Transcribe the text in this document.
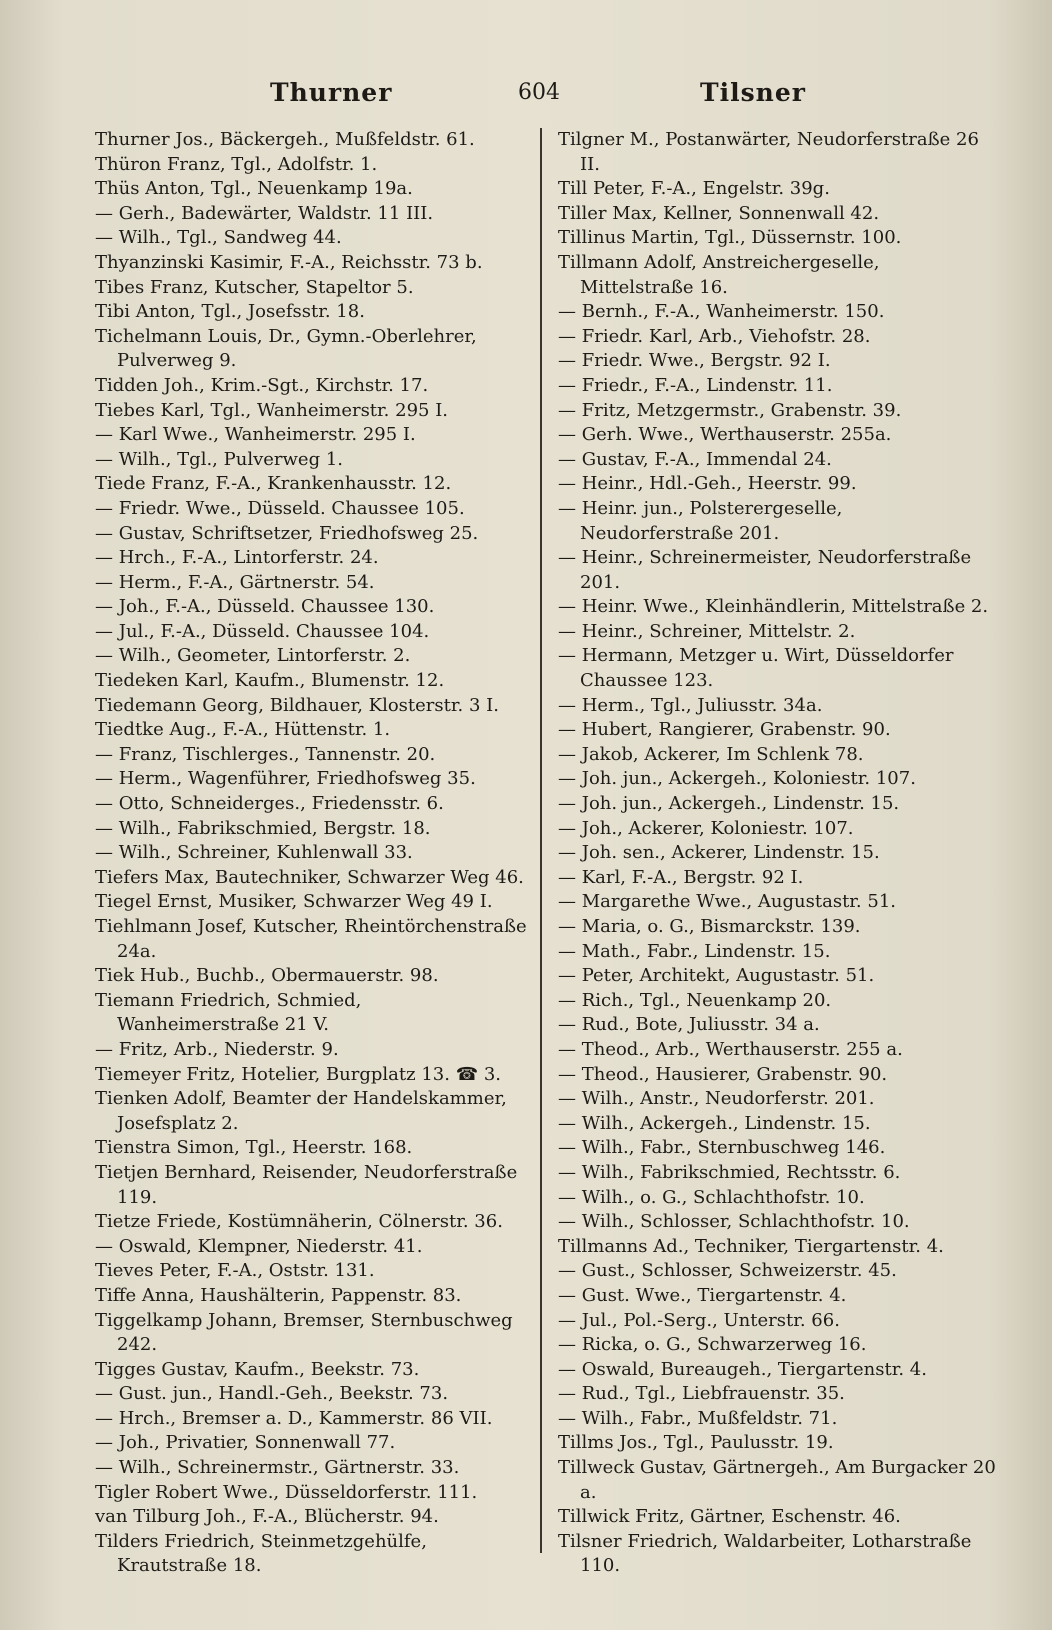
Thurner	604	Tilsner
Thurner Jos., Bäckergeh., Mußfeldstr. 61.
Thüron Franz, Tgl., Adolfstr. 1.
Thüs Anton, Tgl., Neuenkamp 19a.
— Gerh., Badewärter, Waldstr. 11 III.
— Wilh., Tgl., Sandweg 44.
Thyanzinski Kasimir, F.-A., Reichsstr. 73 b.
Tibes Franz, Kutscher, Stapeltor 5.
Tibi Anton, Tgl., Josefsstr. 18.
Tichelmann Louis, Dr., Gymn.-Oberlehrer, Pulverweg 9.
Tidden Joh., Krim.-Sgt., Kirchstr. 17.
Tiebes Karl, Tgl., Wanheimerstr. 295 I.
— Karl Wwe., Wanheimerstr. 295 I.
— Wilh., Tgl., Pulverweg 1.
Tiede Franz, F.-A., Krankenhausstr. 12.
— Friedr. Wwe., Düsseld. Chaussee 105.
— Gustav, Schriftsetzer, Friedhofsweg 25.
— Hrch., F.-A., Lintorferstr. 24.
— Herm., F.-A., Gärtnerstr. 54.
— Joh., F.-A., Düsseld. Chaussee 130.
— Jul., F.-A., Düsseld. Chaussee 104.
— Wilh., Geometer, Lintorferstr. 2.
Tiedeken Karl, Kaufm., Blumenstr. 12.
Tiedemann Georg, Bildhauer, Klosterstr. 3 I.
Tiedtke Aug., F.-A., Hüttenstr. 1.
— Franz, Tischlerges., Tannenstr. 20.
— Herm., Wagenführer, Friedhofsweg 35.
— Otto, Schneiderges., Friedensstr. 6.
— Wilh., Fabrikschmied, Bergstr. 18.
— Wilh., Schreiner, Kuhlenwall 33.
Tiefers Max, Bautechniker, Schwarzer Weg 46.
Tiegel Ernst, Musiker, Schwarzer Weg 49 I.
Tiehlmann Josef, Kutscher, Rheintörchenstraße 24a.
Tiek Hub., Buchb., Obermauerstr. 98.
Tiemann Friedrich, Schmied, Wanheimerstraße 21 V.
— Fritz, Arb., Niederstr. 9.
Tiemeyer Fritz, Hotelier, Burgplatz 13. ☎ 3.
Tienken Adolf, Beamter der Handelskammer, Josefsplatz 2.
Tienstra Simon, Tgl., Heerstr. 168.
Tietjen Bernhard, Reisender, Neudorferstraße 119.
Tietze Friede, Kostümnäherin, Cölnerstr. 36.
— Oswald, Klempner, Niederstr. 41.
Tieves Peter, F.-A., Oststr. 131.
Tiffe Anna, Haushälterin, Pappenstr. 83.
Tiggelkamp Johann, Bremser, Sternbuschweg 242.
Tigges Gustav, Kaufm., Beekstr. 73.
— Gust. jun., Handl.-Geh., Beekstr. 73.
— Hrch., Bremser a. D., Kammerstr. 86 VII.
— Joh., Privatier, Sonnenwall 77.
— Wilh., Schreinermstr., Gärtnerstr. 33.
Tigler Robert Wwe., Düsseldorferstr. 111.
van Tilburg Joh., F.-A., Blücherstr. 94.
Tilders Friedrich, Steinmetzgehülfe, Krautstraße 18.
Tilgner M., Postanwärter, Neudorferstraße 26 II.
Till Peter, F.-A., Engelstr. 39g.
Tiller Max, Kellner, Sonnenwall 42.
Tillinus Martin, Tgl., Düssernstr. 100.
Tillmann Adolf, Anstreichergeselle, Mittelstraße 16.
— Bernh., F.-A., Wanheimerstr. 150.
— Friedr. Karl, Arb., Viehofstr. 28.
— Friedr. Wwe., Bergstr. 92 I.
— Friedr., F.-A., Lindenstr. 11.
— Fritz, Metzgermstr., Grabenstr. 39.
— Gerh. Wwe., Werthauserstr. 255a.
— Gustav, F.-A., Immendal 24.
— Heinr., Hdl.-Geh., Heerstr. 99.
— Heinr. jun., Polsterergeselle, Neudorferstraße 201.
— Heinr., Schreinermeister, Neudorferstraße 201.
— Heinr. Wwe., Kleinhändlerin, Mittelstraße 2.
— Heinr., Schreiner, Mittelstr. 2.
— Hermann, Metzger u. Wirt, Düsseldorfer Chaussee 123.
— Herm., Tgl., Juliusstr. 34a.
— Hubert, Rangierer, Grabenstr. 90.
— Jakob, Ackerer, Im Schlenk 78.
— Joh. jun., Ackergeh., Koloniestr. 107.
— Joh. jun., Ackergeh., Lindenstr. 15.
— Joh., Ackerer, Koloniestr. 107.
— Joh. sen., Ackerer, Lindenstr. 15.
— Karl, F.-A., Bergstr. 92 I.
— Margarethe Wwe., Augustastr. 51.
— Maria, o. G., Bismarckstr. 139.
— Math., Fabr., Lindenstr. 15.
— Peter, Architekt, Augustastr. 51.
— Rich., Tgl., Neuenkamp 20.
— Rud., Bote, Juliusstr. 34 a.
— Theod., Arb., Werthauserstr. 255 a.
— Theod., Hausierer, Grabenstr. 90.
— Wilh., Anstr., Neudorferstr. 201.
— Wilh., Ackergeh., Lindenstr. 15.
— Wilh., Fabr., Sternbuschweg 146.
— Wilh., Fabrikschmied, Rechtsstr. 6.
— Wilh., o. G., Schlachthofstr. 10.
— Wilh., Schlosser, Schlachthofstr. 10.
Tillmanns Ad., Techniker, Tiergartenstr. 4.
— Gust., Schlosser, Schweizerstr. 45.
— Gust. Wwe., Tiergartenstr. 4.
— Jul., Pol.-Serg., Unterstr. 66.
— Ricka, o. G., Schwarzerweg 16.
— Oswald, Bureaugeh., Tiergartenstr. 4.
— Rud., Tgl., Liebfrauenstr. 35.
— Wilh., Fabr., Mußfeldstr. 71.
Tillms Jos., Tgl., Paulusstr. 19.
Tillweck Gustav, Gärtnergeh., Am Burgacker 20 a.
Tillwick Fritz, Gärtner, Eschenstr. 46.
Tilsner Friedrich, Waldarbeiter, Lotharstraße 110.
